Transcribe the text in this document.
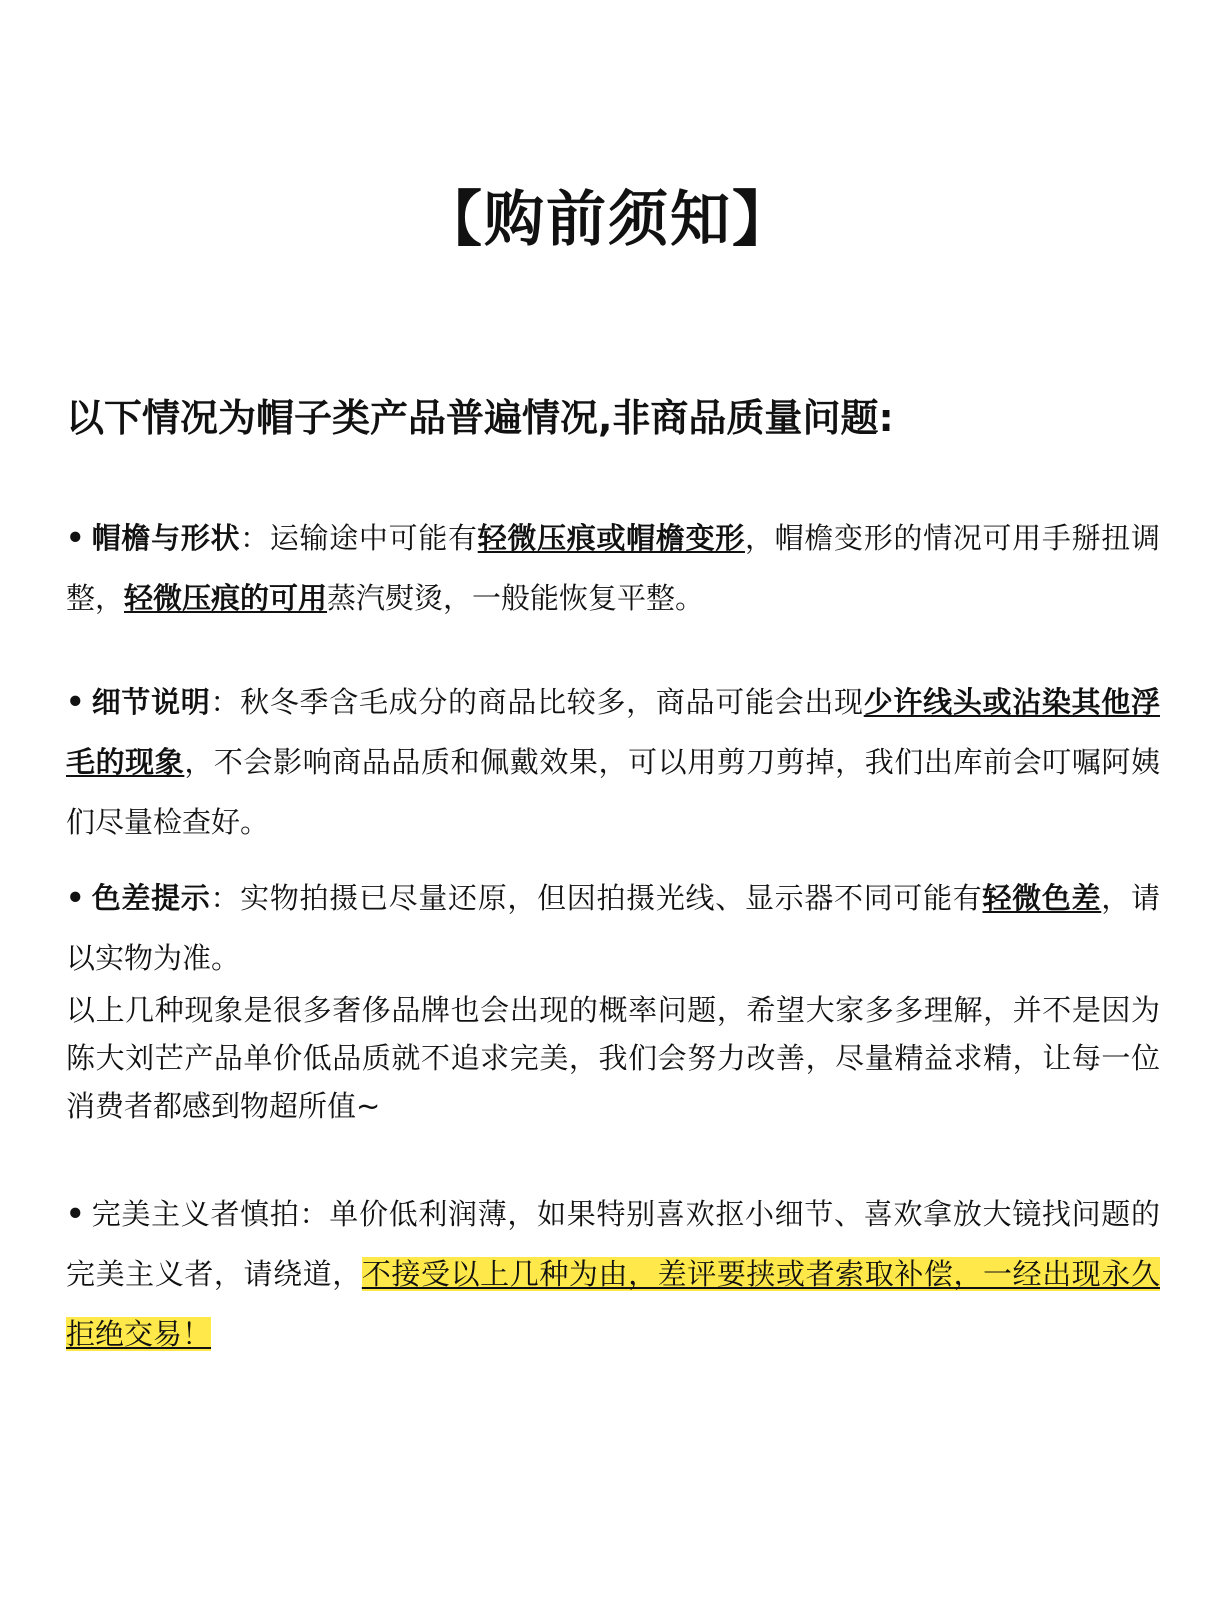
【购前须知】
以下情况为帽子类产品普遍情况,非商品质量问题:
• 帽檐与形状：运输途中可能有轻微压痕或帽檐变形，帽檐变形的情况可用手掰扭调整，轻微压痕的可用蒸汽熨烫，一般能恢复平整。
• 细节说明：秋冬季含毛成分的商品比较多，商品可能会出现少许线头或沾染其他浮毛的现象，不会影响商品品质和佩戴效果，可以用剪刀剪掉，我们出库前会叮嘱阿姨们尽量检查好。
• 色差提示：实物拍摄已尽量还原，但因拍摄光线、显示器不同可能有轻微色差，请以实物为准。
以上几种现象是很多奢侈品牌也会出现的概率问题，希望大家多多理解，并不是因为陈大刘芒产品单价低品质就不追求完美，我们会努力改善，尽量精益求精，让每一位消费者都感到物超所值~
• 完美主义者慎拍：单价低利润薄，如果特别喜欢抠小细节、喜欢拿放大镜找问题的完美主义者，请绕道，不接受以上几种为由，差评要挟或者索取补偿，一经出现永久拒绝交易！
